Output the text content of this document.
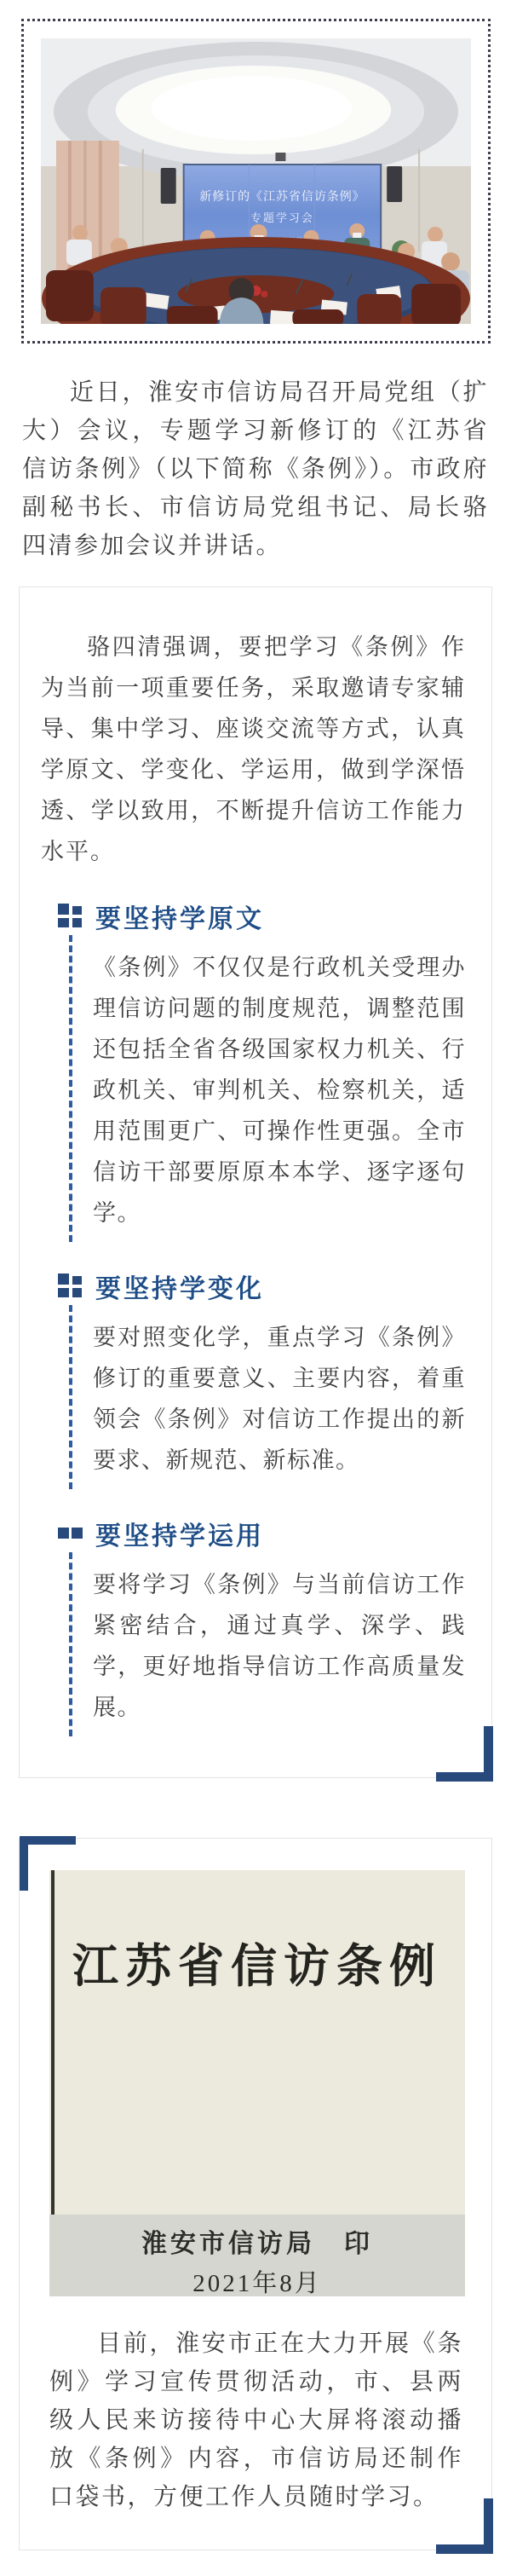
新修订的《江苏省信访条例》
专题学习会

近日，淮安市信访局召开局党组（扩大）会议，专题学习新修订的《江苏省信访条例》（以下简称《条例》）。市政府副秘书长、市信访局党组书记、局长骆四清参加会议并讲话。

骆四清强调，要把学习《条例》作为当前一项重要任务，采取邀请专家辅导、集中学习、座谈交流等方式，认真学原文、学变化、学运用，做到学深悟透、学以致用，不断提升信访工作能力水平。

要坚持学原文
《条例》不仅仅是行政机关受理办理信访问题的制度规范，调整范围还包括全省各级国家权力机关、行政机关、审判机关、检察机关，适用范围更广、可操作性更强。全市信访干部要原原本本学、逐字逐句学。
要坚持学变化
要对照变化学，重点学习《条例》修订的重要意义、主要内容，着重领会《条例》对信访工作提出的新要求、新规范、新标准。
要坚持学运用
要将学习《条例》与当前信访工作紧密结合，通过真学、深学、践学，更好地指导信访工作高质量发展。
江苏省信访条例
淮安市信访局　印
2021年8月

目前，淮安市正在大力开展《条例》学习宣传贯彻活动，市、县两级人民来访接待中心大屏将滚动播放《条例》内容，市信访局还制作口袋书，方便工作人员随时学习。
